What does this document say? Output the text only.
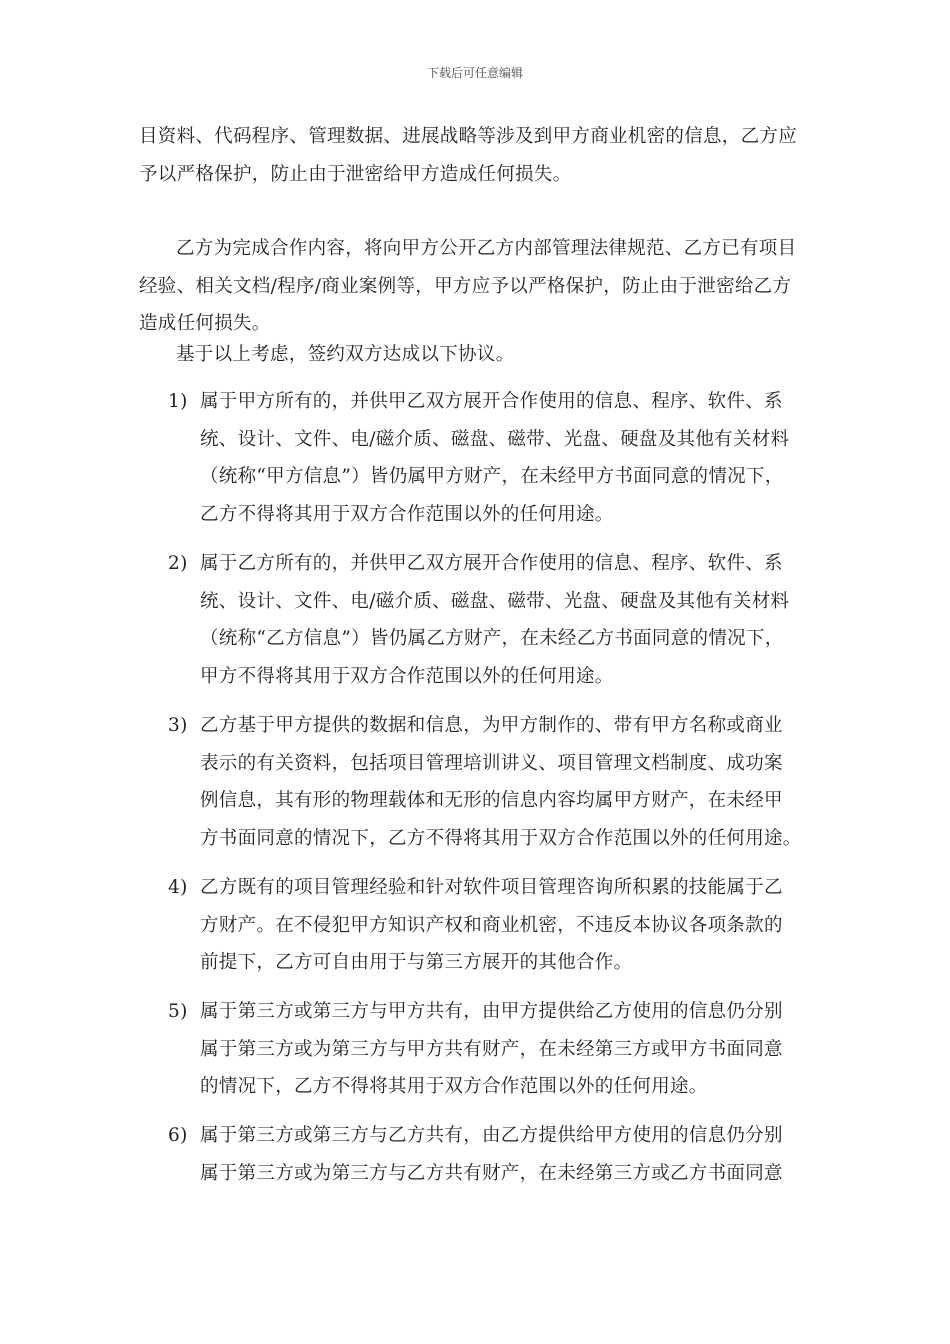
下载后可任意编辑
目资料、代码程序、管理数据、进展战略等涉及到甲方商业机密的信息，乙方应
予以严格保护，防止由于泄密给甲方造成任何损失。
乙方为完成合作内容，将向甲方公开乙方内部管理法律规范、乙方已有项目
经验、相关文档/程序/商业案例等，甲方应予以严格保护，防止由于泄密给乙方
造成任何损失。
基于以上考虑，签约双方达成以下协议。
1) 属于甲方所有的，并供甲乙双方展开合作使用的信息、程序、软件、系
统、设计、文件、电/磁介质、磁盘、磁带、光盘、硬盘及其他有关材料
（统称“甲方信息”）皆仍属甲方财产，在未经甲方书面同意的情况下，
乙方不得将其用于双方合作范围以外的任何用途。
2) 属于乙方所有的，并供甲乙双方展开合作使用的信息、程序、软件、系
统、设计、文件、电/磁介质、磁盘、磁带、光盘、硬盘及其他有关材料
（统称“乙方信息”）皆仍属乙方财产，在未经乙方书面同意的情况下，
甲方不得将其用于双方合作范围以外的任何用途。
3) 乙方基于甲方提供的数据和信息，为甲方制作的、带有甲方名称或商业
表示的有关资料，包括项目管理培训讲义、项目管理文档制度、成功案
例信息，其有形的物理载体和无形的信息内容均属甲方财产，在未经甲
方书面同意的情况下，乙方不得将其用于双方合作范围以外的任何用途。
4) 乙方既有的项目管理经验和针对软件项目管理咨询所积累的技能属于乙
方财产。在不侵犯甲方知识产权和商业机密，不违反本协议各项条款的
前提下，乙方可自由用于与第三方展开的其他合作。
5) 属于第三方或第三方与甲方共有，由甲方提供给乙方使用的信息仍分别
属于第三方或为第三方与甲方共有财产，在未经第三方或甲方书面同意
的情况下，乙方不得将其用于双方合作范围以外的任何用途。
6) 属于第三方或第三方与乙方共有，由乙方提供给甲方使用的信息仍分别
属于第三方或为第三方与乙方共有财产，在未经第三方或乙方书面同意
